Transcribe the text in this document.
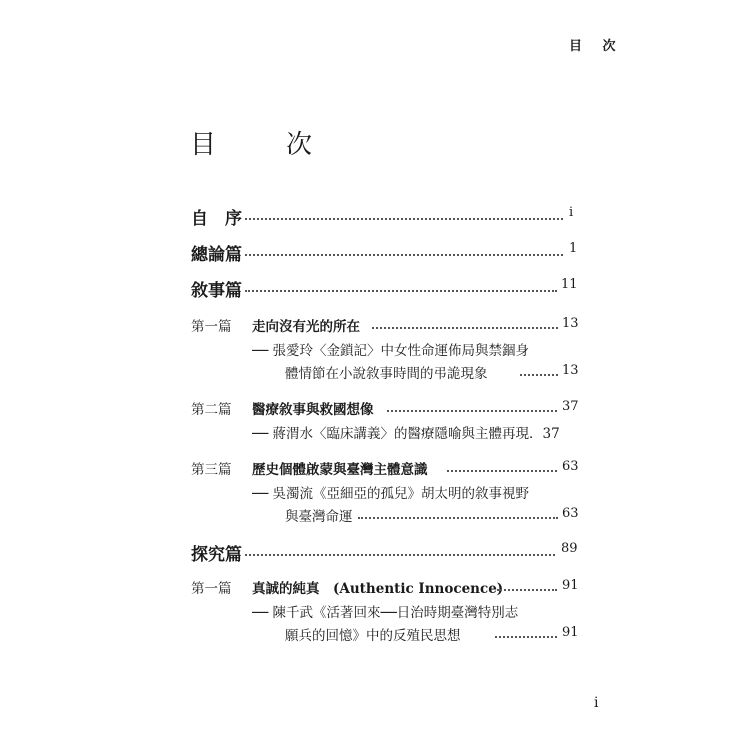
目 次
目　次
自　序	i
總論篇	1
敘事篇	11
第一篇 走向沒有光的所在	13
── 張愛玲〈金鎖記〉中女性命運佈局與禁錮身
體情節在小說敘事時間的弔詭現象	13
第二篇 醫療敘事與救國想像	37
── 蔣渭水〈臨床講義〉的醫療隱喻與主體再現．37
第三篇 歷史個體啟蒙與臺灣主體意識	63
── 吳濁流《亞細亞的孤兒》胡太明的敘事視野
與臺灣命運	63
探究篇	89
第一篇 真誠的純真　(Authentic Innocence)	91
── 陳千武《活著回來──日治時期臺灣特別志
願兵的回憶》中的反殖民思想	91
i
